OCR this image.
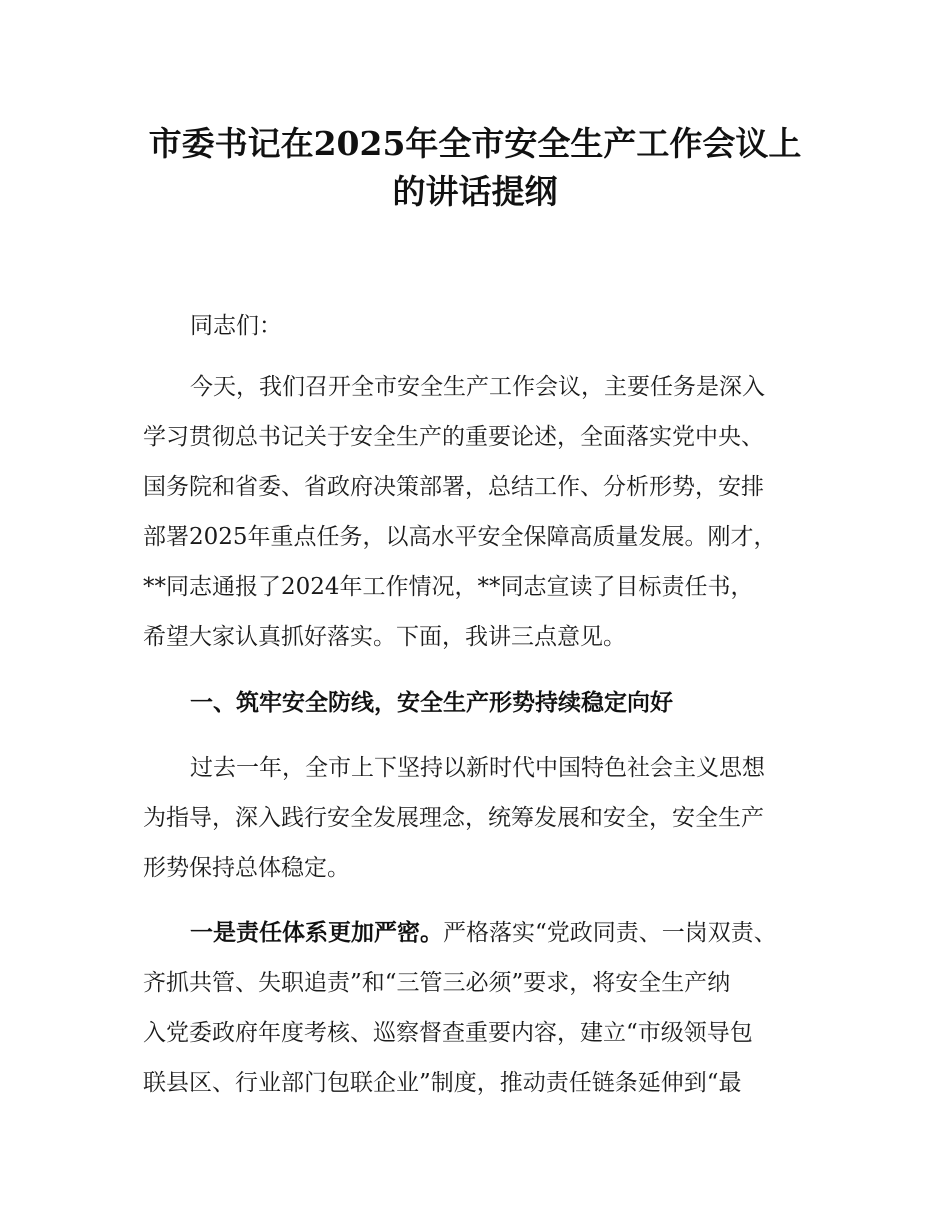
市委书记在2025年全市安全生产工作会议上
的讲话提纲
同志们：
今天，我们召开全市安全生产工作会议，主要任务是深入
学习贯彻总书记关于安全生产的重要论述，全面落实党中央、
国务院和省委、省政府决策部署，总结工作、分析形势，安排
部署2025年重点任务，以高水平安全保障高质量发展。刚才，
**同志通报了2024年工作情况，**同志宣读了目标责任书，
希望大家认真抓好落实。下面，我讲三点意见。
一、筑牢安全防线，安全生产形势持续稳定向好
过去一年，全市上下坚持以新时代中国特色社会主义思想
为指导，深入践行安全发展理念，统筹发展和安全，安全生产
形势保持总体稳定。
一是责任体系更加严密。严格落实“党政同责、一岗双责、
齐抓共管、失职追责”和“三管三必须”要求，将安全生产纳
入党委政府年度考核、巡察督查重要内容，建立“市级领导包
联县区、行业部门包联企业”制度，推动责任链条延伸到“最
